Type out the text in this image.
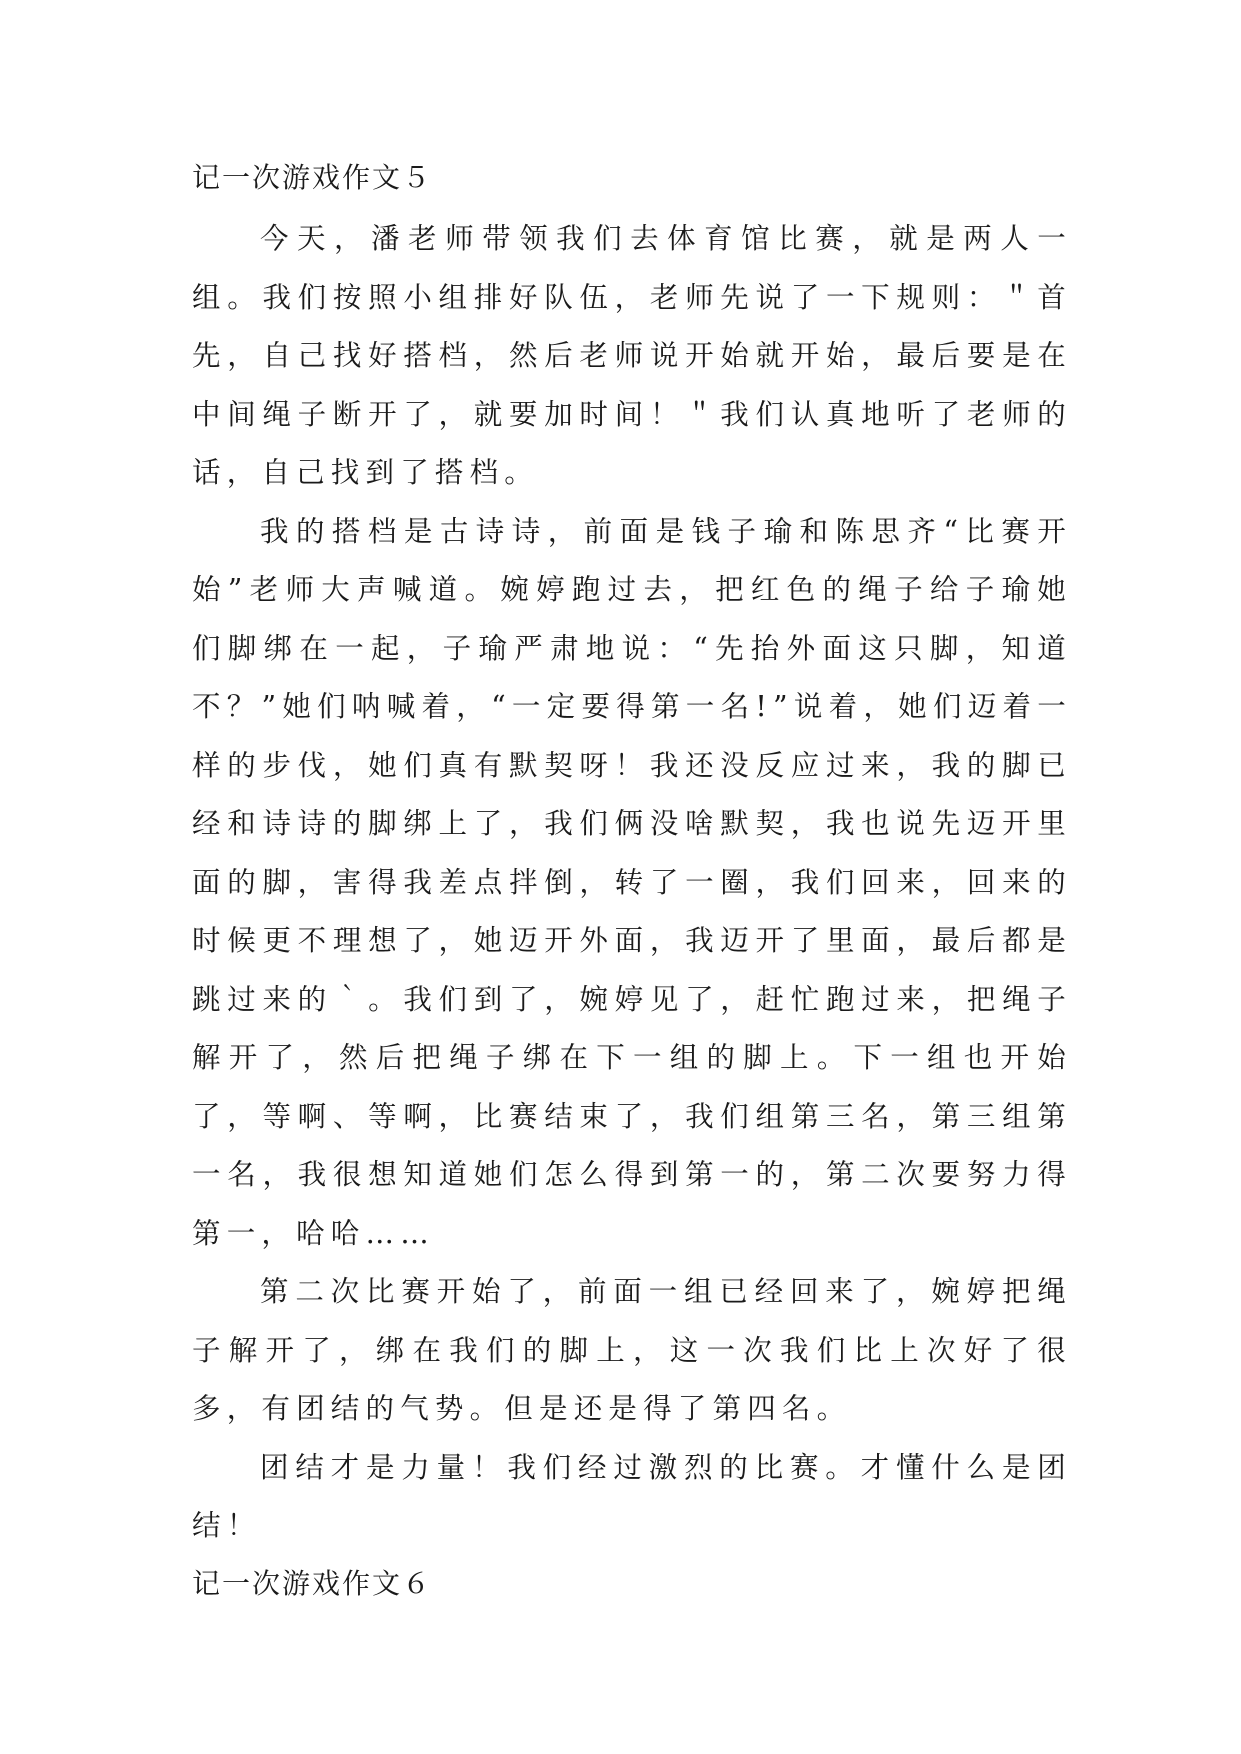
记一次游戏作文５

今天，潘老师带领我们去体育馆比赛，就是两人一组。我们按照小组排好队伍，老师先说了一下规则：＂首先，自己找好搭档，然后老师说开始就开始，最后要是在中间绳子断开了，就要加时间！＂我们认真地听了老师的话，自己找到了搭档。

我的搭档是古诗诗，前面是钱子瑜和陈思齐“比赛开始”老师大声喊道。婉婷跑过去，把红色的绳子给子瑜她们脚绑在一起，子瑜严肃地说：“先抬外面这只脚，知道不？”她们呐喊着，“一定要得第一名!”说着，她们迈着一样的步伐，她们真有默契呀！我还没反应过来，我的脚已经和诗诗的脚绑上了，我们俩没啥默契，我也说先迈开里面的脚，害得我差点拌倒，转了一圈，我们回来，回来的时候更不理想了，她迈开外面，我迈开了里面，最后都是跳过来的｀。我们到了，婉婷见了，赶忙跑过来，把绳子解开了，然后把绳子绑在下一组的脚上。下一组也开始了，等啊、等啊，比赛结束了，我们组第三名，第三组第一名，我很想知道她们怎么得到第一的，第二次要努力得第一，哈哈……

第二次比赛开始了，前面一组已经回来了，婉婷把绳子解开了，绑在我们的脚上，这一次我们比上次好了很多，有团结的气势。但是还是得了第四名。

团结才是力量！我们经过激烈的比赛。才懂什么是团结！

记一次游戏作文６
